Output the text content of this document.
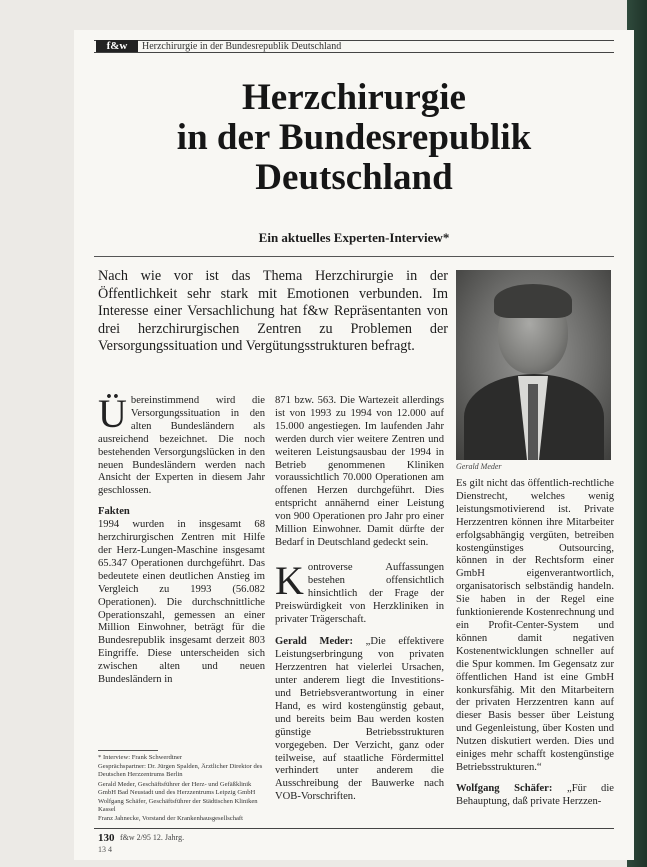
f&w	Herzchirurgie in der Bundesrepublik Deutschland
Herzchirurgie
in der Bundesrepublik
Deutschland
Ein aktuelles Experten-Interview*

Nach wie vor ist das Thema Herzchirurgie in der Öffentlichkeit sehr stark mit Emotionen verbunden. Im Interesse einer Versachlichung hat f&w Repräsentanten von drei herzchirurgischen Zentren zu Problemen der Versorgungssituation und Vergütungsstrukturen befragt.

Gerald Meder

Übereinstimmend wird die Versorgungssituation in den alten Bundesländern als ausreichend bezeichnet. Die noch bestehenden Versorgungslücken in den neuen Bundesländern werden nach Ansicht der Experten in diesem Jahr geschlossen.

Fakten

1994 wurden in insgesamt 68 herzchirurgischen Zentren mit Hilfe der Herz-Lungen-Maschine insgesamt 65.347 Operationen durchgeführt. Das bedeutete einen deutlichen Anstieg im Vergleich zu 1993 (56.082 Operationen). Die durchschnittliche Operationszahl, gemessen an einer Million Einwohner, beträgt für die Bundesrepublik insgesamt derzeit 803 Eingriffe. Diese unterscheiden sich zwischen alten und neuen Bundesländern in

871 bzw. 563. Die Wartezeit allerdings ist von 1993 zu 1994 von 12.000 auf 15.000 angestiegen. Im laufenden Jahr werden durch vier weitere Zentren und weiteren Leistungsausbau der 1994 in Betrieb genommenen Kliniken voraussichtlich 70.000 Operationen am offenen Herzen durchgeführt. Dies entspricht annähernd einer Leistung von 900 Operationen pro Jahr pro einer Million Einwohner. Damit dürfte der Bedarf in Deutschland gedeckt sein.

Kontroverse Auffassungen bestehen offensichtlich hinsichtlich der Frage der Preiswürdigkeit von Herzkliniken in privater Trägerschaft.

Gerald Meder: „Die effektivere Leistungserbringung von privaten Herzzentren hat vielerlei Ursachen, unter anderem liegt die Investitions- und Betriebsverantwortung in einer Hand, es wird kostengünstig gebaut, und bereits beim Bau werden kosten günstige Betriebsstrukturen vorgegeben. Der Verzicht, ganz oder teilweise, auf staatliche Fördermittel verhindert unter anderem die Ausschreibung der Bauwerke nach VOB-Vorschriften.

Es gilt nicht das öffentlich-rechtliche Dienstrecht, welches wenig leistungsmotivierend ist. Private Herzzentren können ihre Mitarbeiter erfolgsabhängig vergüten, betreiben kostengünstiges Outsourcing, können in der Rechtsform einer GmbH eigenverantwortlich, organisatorisch selbständig handeln. Sie haben in der Regel eine funktionierende Kostenrechnung und ein Profit-Center-System und können damit negativen Kostenentwicklungen schneller auf die Spur kommen. Im Gegensatz zur öffentlichen Hand ist eine GmbH konkursfähig. Mit den Mitarbeitern der privaten Herzzentren kann auf dieser Basis besser über Leistung und Gegenleistung, über Kosten und Nutzen diskutiert werden. Dies und einiges mehr schafft kostengünstige Betriebsstrukturen.“

Wolfgang Schäfer: „Für die Behauptung, daß private Herzzen-

* Interview: Frank Schwerdtner

Gesprächspartner: Dr. Jürgen Spalden, Ärztlicher Direktor des Deutschen Herzzentrums Berlin

Gerald Meder, Geschäftsführer der Herz- und Gefäßklinik GmbH Bad Neustadt und des Herzzentrums Leipzig GmbH

Wolfgang Schäfer, Geschäftsführer der Städtischen Kliniken Kassel

Franz Jahnecke, Vorstand der Krankenhausgesellschaft

130 f&w 2/95 12. Jahrg.
13 4
